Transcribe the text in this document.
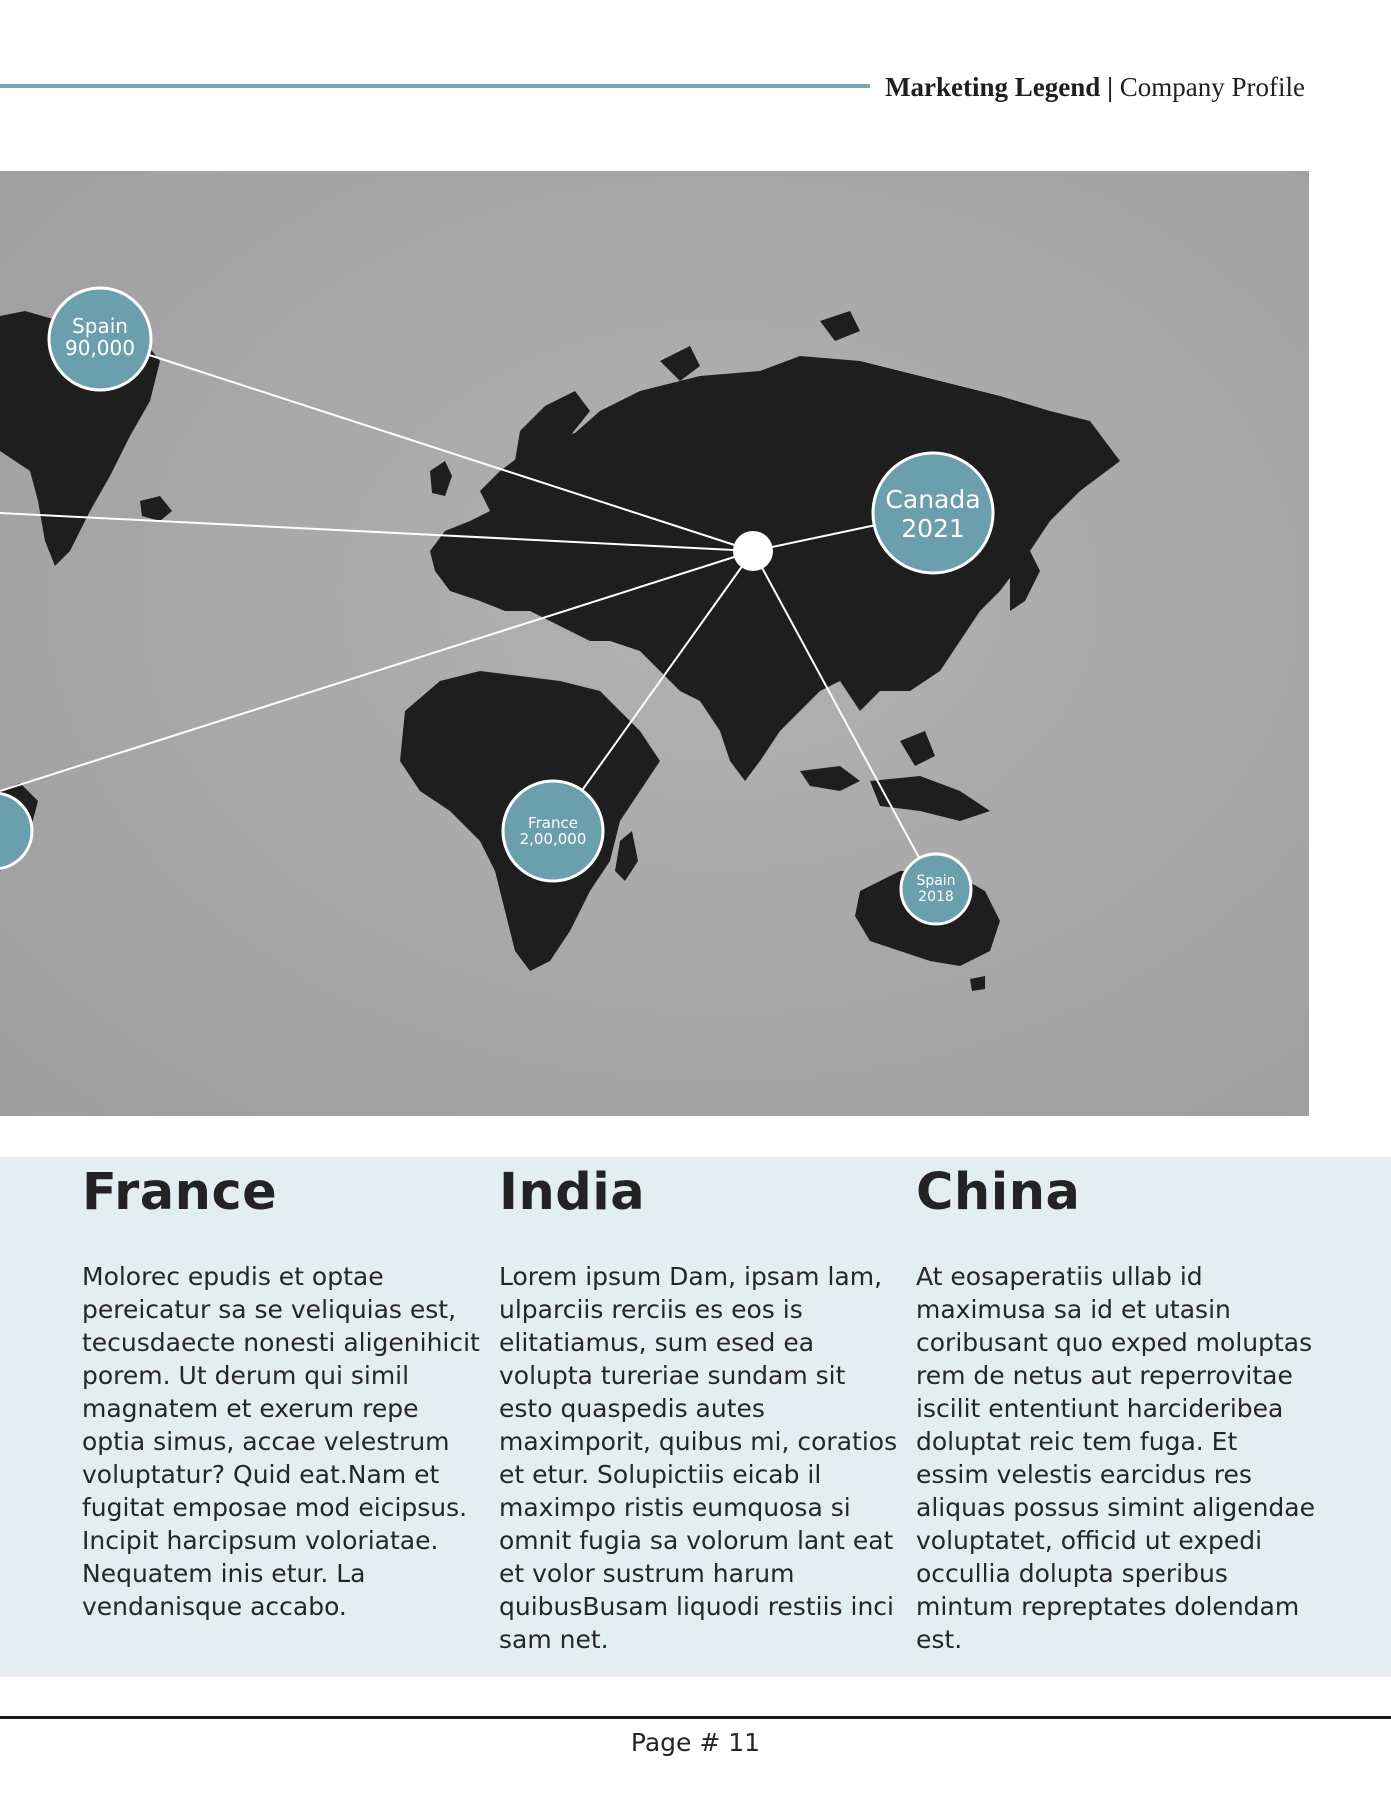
Marketing Legend | Company Profile
Spain
90,000
Canada
2021
France
2,00,000
Spain
2018
France

Molorec epudis et optae pereicatur sa se veliquias est, tecusdaecte nonesti aligenihicit porem. Ut derum qui simil magnatem et exerum repe optia simus, accae velestrum voluptatur? Quid eat.Nam et fugitat emposae mod eicipsus. Incipit harcipsum voloriatae. Nequatem inis etur. La vendanisque accabo.

India

Lorem ipsum Dam, ipsam lam, ulparciis rerciis es eos is elitatiamus, sum esed ea volupta tureriae sundam sit esto quaspedis autes maximporit, quibus mi, coratios et etur. Solupictiis eicab il maximpo ristis eumquosa si omnit fugia sa volorum lant eat et volor sustrum harum quibusBusam liquodi restiis inci sam net.

China

At eosaperatiis ullab id maximusa sa id et utasin coribusant quo exped moluptas rem de netus aut reperrovitae iscilit ententiunt harcideribea doluptat reic tem fuga. Et essim velestis earcidus res aliquas possus simint aligendae voluptatet, officid ut expedi occullia dolupta speribus mintum repreptates dolendam est.

Page # 11
